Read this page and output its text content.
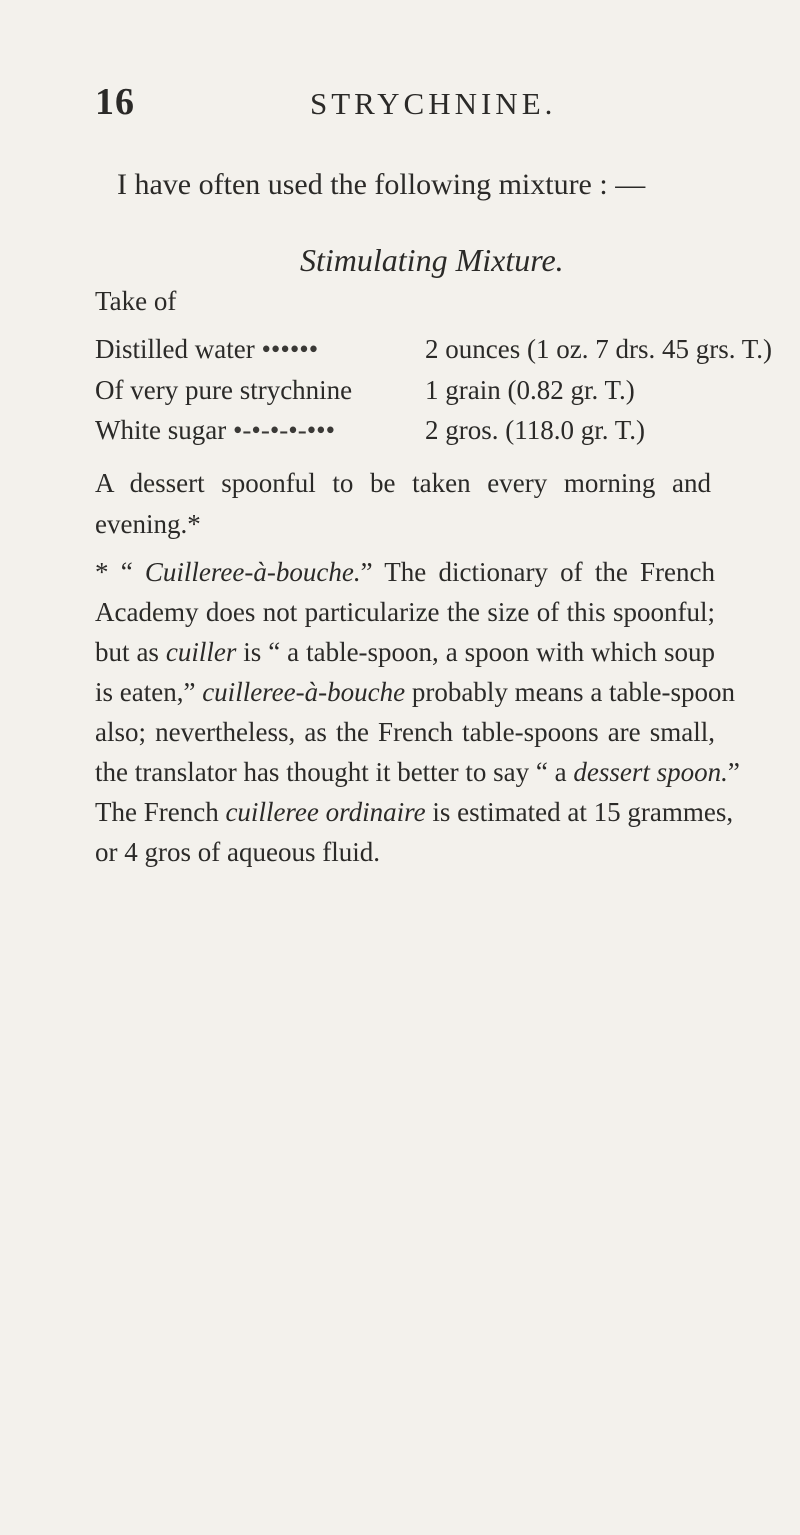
16	STRYCHNINE.
I have often used the following mixture : —
Stimulating Mixture.
Take of
Distilled water ••••••	2 ounces (1 oz. 7 drs. 45 grs. T.)
Of very pure strychnine	1 grain (0.82 gr. T.)
White sugar •-•-•-•-•••	2 gros. (118.0 gr. T.)
A dessert spoonful to be taken every morning and evening.*
* “ Cuilleree-à-bouche.” The dictionary of the French
Academy does not particularize the size of this spoonful;
but as cuiller is “ a table-spoon, a spoon with which soup
is eaten,” cuilleree-à-bouche probably means a table-spoon
also; nevertheless, as the French table-spoons are small,
the translator has thought it better to say “ a dessert spoon.”
The French cuilleree ordinaire is estimated at 15 grammes,
or 4 gros of aqueous fluid.
